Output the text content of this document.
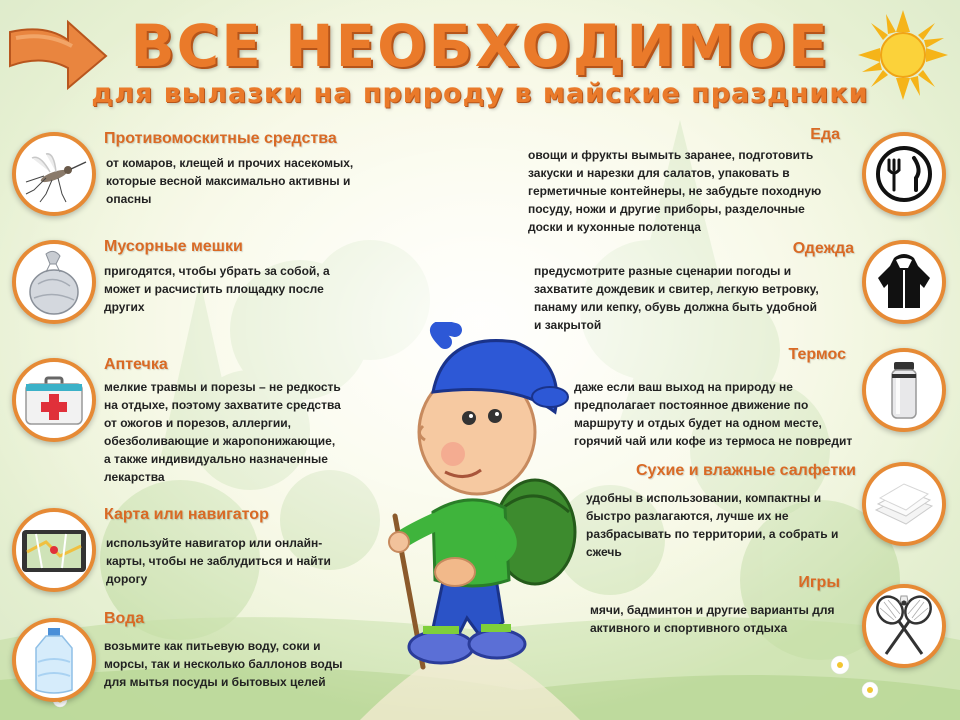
ВСЕ НЕОБХОДИМОЕ
для вылазки на природу в майские праздники
Противомоскитные средства
от комаров, клещей и прочих насекомых,
которые весной максимально активны и
опасны
Мусорные мешки
пригодятся, чтобы убрать за собой, а
может и расчистить площадку после
других
Аптечка
мелкие травмы и порезы – не редкость
на отдыхе, поэтому захватите средства
от ожогов и порезов, аллергии,
обезболивающие и жаропонижающие,
а также индивидуально назначенные
лекарства
Карта или навигатор
используйте навигатор или онлайн-
карты, чтобы не заблудиться и найти
дорогу
Вода
возьмите как питьевую воду, соки и
морсы, так и несколько баллонов воды
для мытья посуды и бытовых целей
Еда
овощи и фрукты вымыть заранее, подготовить
закуски и нарезки для салатов, упаковать в
герметичные контейнеры, не забудьте походную
посуду, ножи и другие приборы, разделочные
доски и кухонные полотенца
Одежда
предусмотрите разные сценарии погоды и
захватите дождевик и свитер, легкую ветровку,
панаму или кепку, обувь должна быть удобной
и закрытой
Термос
даже если ваш выход на природу не
предполагает постоянное движение по
маршруту и отдых будет на одном месте,
горячий чай или кофе из термоса не повредит
Сухие и влажные салфетки
удобны в использовании, компактны и
быстро разлагаются, лучше их не
разбрасывать по территории, а собрать и
сжечь
Игры
мячи, бадминтон и другие варианты для
активного и спортивного отдыха
